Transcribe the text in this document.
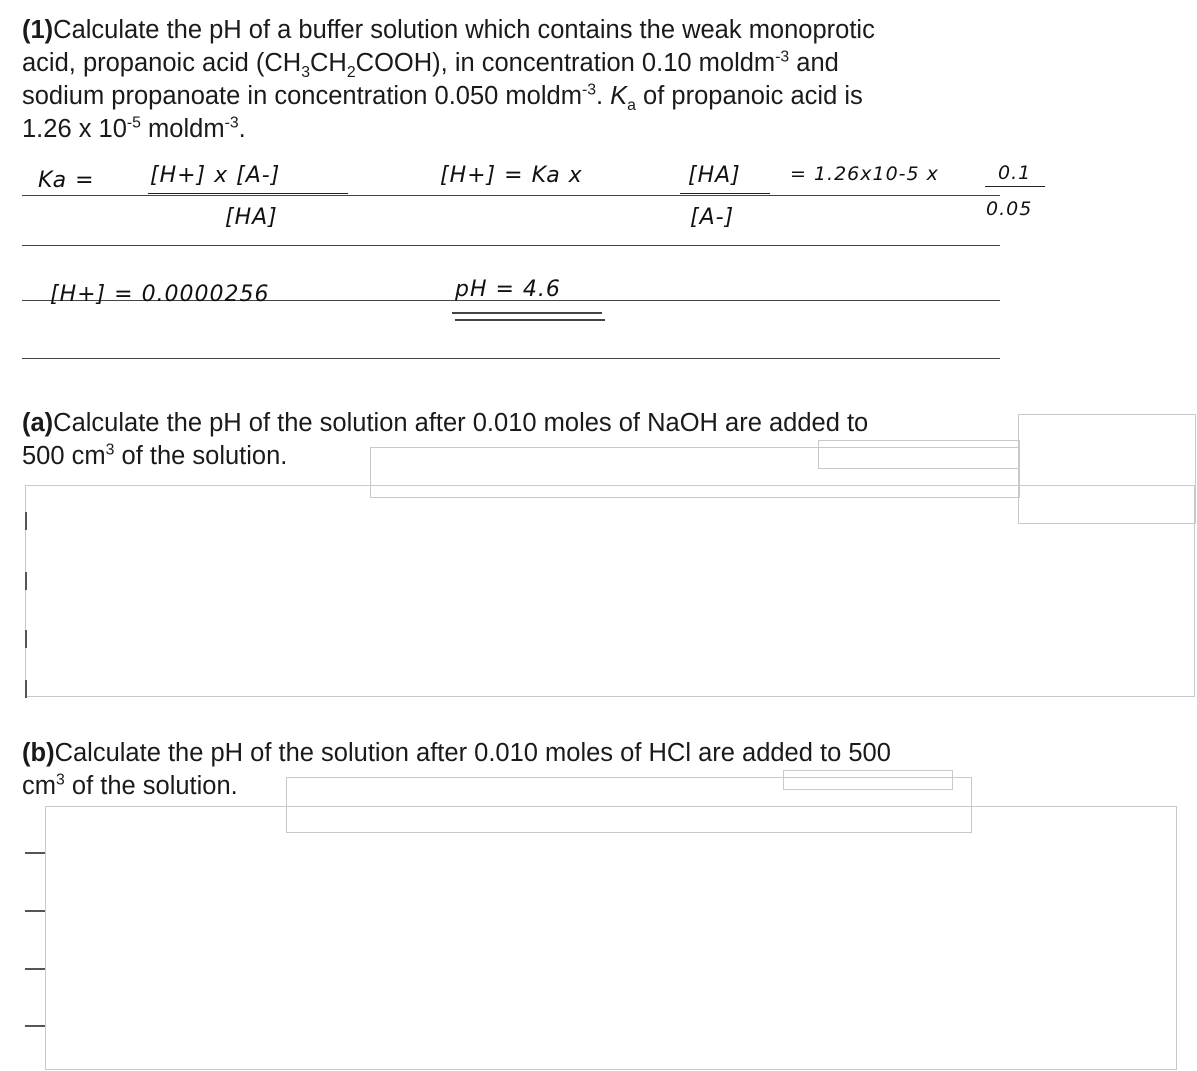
(1)Calculate the pH of a buffer solution which contains the weak monoprotic
acid, propanoic acid $(CH_3CH_2COOH)$, in concentration 0.10 moldm$^{-3}$ and
sodium propanoate in concentration 0.050 moldm$^{-3}$. $K_a$ of propanoic acid is
1.26 x $10^{-5}$ moldm$^{-3}$.
Ka =	[H+] x [A-]
[HA]
[H+] = Ka x	[HA]
[A-]
= 1.26x10-5 x	0.1
0.05
[H+] = 0.0000256	pH = 4.6
(a)Calculate the pH of the solution after 0.010 moles of NaOH are added to
500 $cm^3$ of the solution.
(b)Calculate the pH of the solution after 0.010 moles of HCl are added to 500
$cm^3$ of the solution.
